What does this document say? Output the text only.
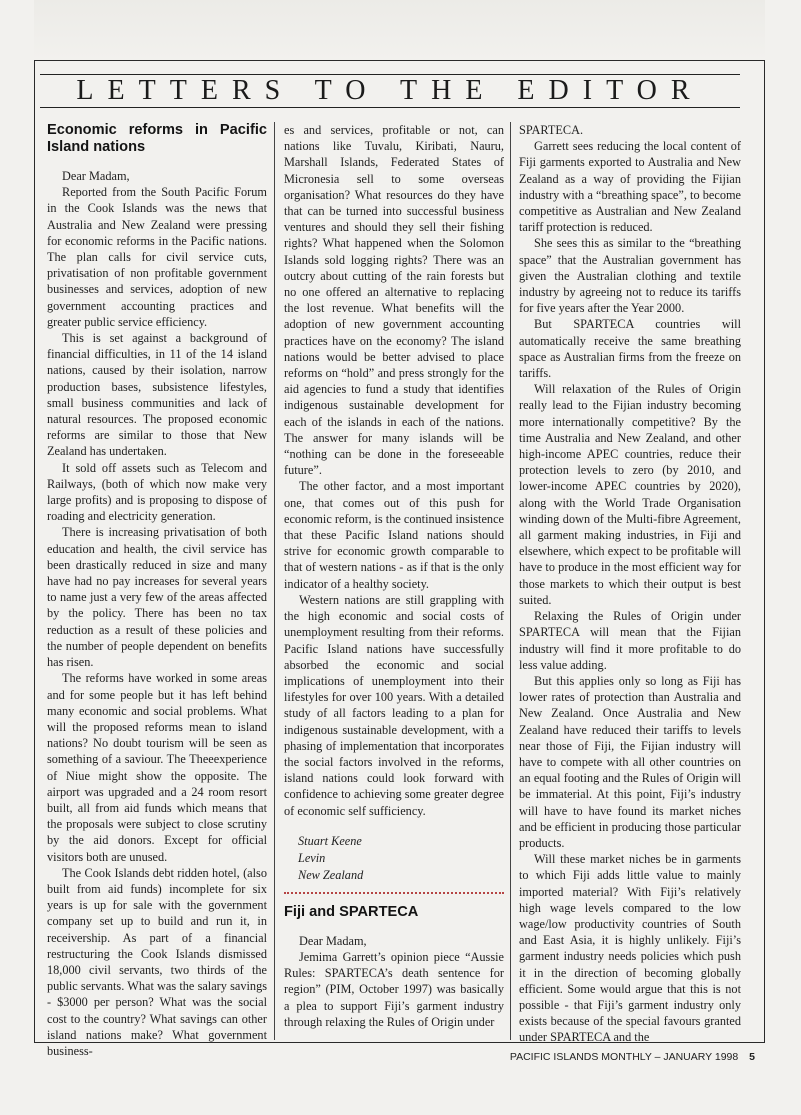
LETTERS TO THE EDITOR
Economic reforms in Pacific Island nations

Dear Madam,

Reported from the South Pacific Forum in the Cook Islands was the news that Australia and New Zealand were pressing for economic reforms in the Pacific nations. The plan calls for civil service cuts, privatisation of non profitable government businesses and services, adoption of new government accounting practices and greater public service efficiency.

This is set against a background of financial difficulties, in 11 of the 14 island nations, caused by their isolation, narrow production bases, subsistence lifestyles, small business communities and lack of natural resources. The proposed economic reforms are similar to those that New Zealand has undertaken.

It sold off assets such as Telecom and Railways, (both of which now make very large profits) and is proposing to dispose of roading and electricity generation.

There is increasing privatisation of both education and health, the civil service has been drastically reduced in size and many have had no pay increases for several years to name just a very few of the areas affected by the policy. There has been no tax reduction as a result of these policies and the number of people dependent on benefits has risen.

The reforms have worked in some areas and for some people but it has left behind many economic and social problems. What will the proposed reforms mean to island nations? No doubt tourism will be seen as something of a saviour. The Theeexperience of Niue might show the opposite. The airport was upgraded and a 24 room resort built, all from aid funds which means that the proposals were subject to close scrutiny by the aid donors. Except for official visitors both are unused.

The Cook Islands debt ridden hotel, (also built from aid funds) incomplete for six years is up for sale with the government company set up to build and run it, in receivership. As part of a financial restructuring the Cook Islands dismissed 18,000 civil servants, two thirds of the public servants. What was the salary savings - $3000 per person? What was the social cost to the country? What savings can other island nations make? What government business-

es and services, profitable or not, can nations like Tuvalu, Kiribati, Nauru, Marshall Islands, Federated States of Micronesia sell to some overseas organisation? What resources do they have that can be turned into successful business ventures and should they sell their fishing rights? What happened when the Solomon Islands sold logging rights? There was an outcry about cutting of the rain forests but no one offered an alternative to replacing the lost revenue. What benefits will the adoption of new government accounting practices have on the economy? The island nations would be better advised to place reforms on “hold” and press strongly for the aid agencies to fund a study that identifies indigenous sustainable development for each of the islands in each of the nations. The answer for many islands will be “nothing can be done in the foreseeable future”.

The other factor, and a most important one, that comes out of this push for economic reform, is the continued insistence that these Pacific Island nations should strive for economic growth comparable to that of western nations - as if that is the only indicator of a healthy society.

Western nations are still grappling with the high economic and social costs of unemployment resulting from their reforms. Pacific Island nations have successfully absorbed the economic and social implications of unemployment into their lifestyles for over 100 years. With a detailed study of all factors leading to a plan for indigenous sustainable development, with a phasing of implementation that incorporates the social factors involved in the reforms, island nations could look forward with confidence to achieving some greater degree of economic self sufficiency.

Stuart Keene
Levin
New Zealand
Fiji and SPARTECA

Dear Madam,

Jemima Garrett’s opinion piece “Aussie Rules: SPARTECA’s death sentence for region” (PIM, October 1997) was basically a plea to support Fiji’s garment industry through relaxing the Rules of Origin under

SPARTECA.

Garrett sees reducing the local content of Fiji garments exported to Australia and New Zealand as a way of providing the Fijian industry with a “breathing space”, to become competitive as Australian and New Zealand tariff protection is reduced.

She sees this as similar to the “breathing space” that the Australian government has given the Australian clothing and textile industry by agreeing not to reduce its tariffs for five years after the Year 2000.

But SPARTECA countries will automatically receive the same breathing space as Australian firms from the freeze on tariffs.

Will relaxation of the Rules of Origin really lead to the Fijian industry becoming more internationally competitive? By the time Australia and New Zealand, and other high-income APEC countries, reduce their protection levels to zero (by 2010, and lower-income APEC countries by 2020), along with the World Trade Organisation winding down of the Multi-fibre Agreement, all garment making industries, in Fiji and elsewhere, which expect to be profitable will have to produce in the most efficient way for those markets to which their output is best suited.

Relaxing the Rules of Origin under SPARTECA will mean that the Fijian industry will find it more profitable to do less value adding.

But this applies only so long as Fiji has lower rates of protection than Australia and New Zealand. Once Australia and New Zealand have reduced their tariffs to levels near those of Fiji, the Fijian industry will have to compete with all other countries on an equal footing and the Rules of Origin will be immaterial. At this point, Fiji’s industry will have to have found its market niches and be efficient in producing those particular products.

Will these market niches be in garments to which Fiji adds little value to mainly imported material? With Fiji’s relatively high wage levels compared to the low wage/low productivity countries of South and East Asia, it is highly unlikely. Fiji’s garment industry needs policies which push it in the direction of becoming globally efficient. Some would argue that this is not possible - that Fiji’s garment industry only exists because of the special favours granted under SPARTECA and the

PACIFIC ISLANDS MONTHLY – JANUARY 1998 5
